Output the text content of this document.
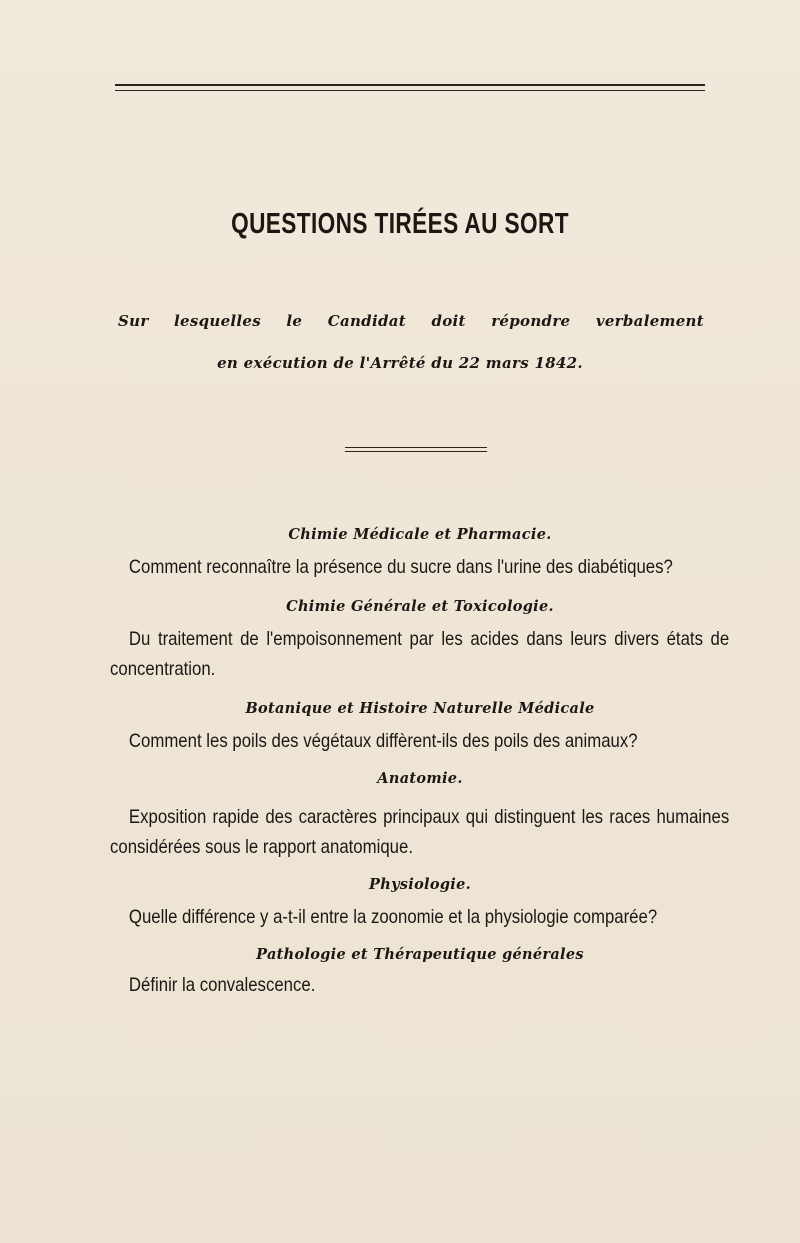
QUESTIONS TIRÉES AU SORT
Sur lesquelles le Candidat doit répondre verbalement
en exécution de l'Arrêté du 22 mars 1842.

Chimie Médicale et Pharmacie.

Comment reconnaître la présence du sucre dans l'urine des diabétiques?

Chimie Générale et Toxicologie.

Du traitement de l'empoisonnement par les acides dans leurs divers états de concentration.

Botanique et Histoire Naturelle Médicale

Comment les poils des végétaux diffèrent-ils des poils des animaux?

Anatomie.

Exposition rapide des caractères principaux qui distinguent les races humaines considérées sous le rapport anatomique.

Physiologie.

Quelle différence y a-t-il entre la zoonomie et la physiologie comparée?

Pathologie et Thérapeutique générales

Définir la convalescence.
